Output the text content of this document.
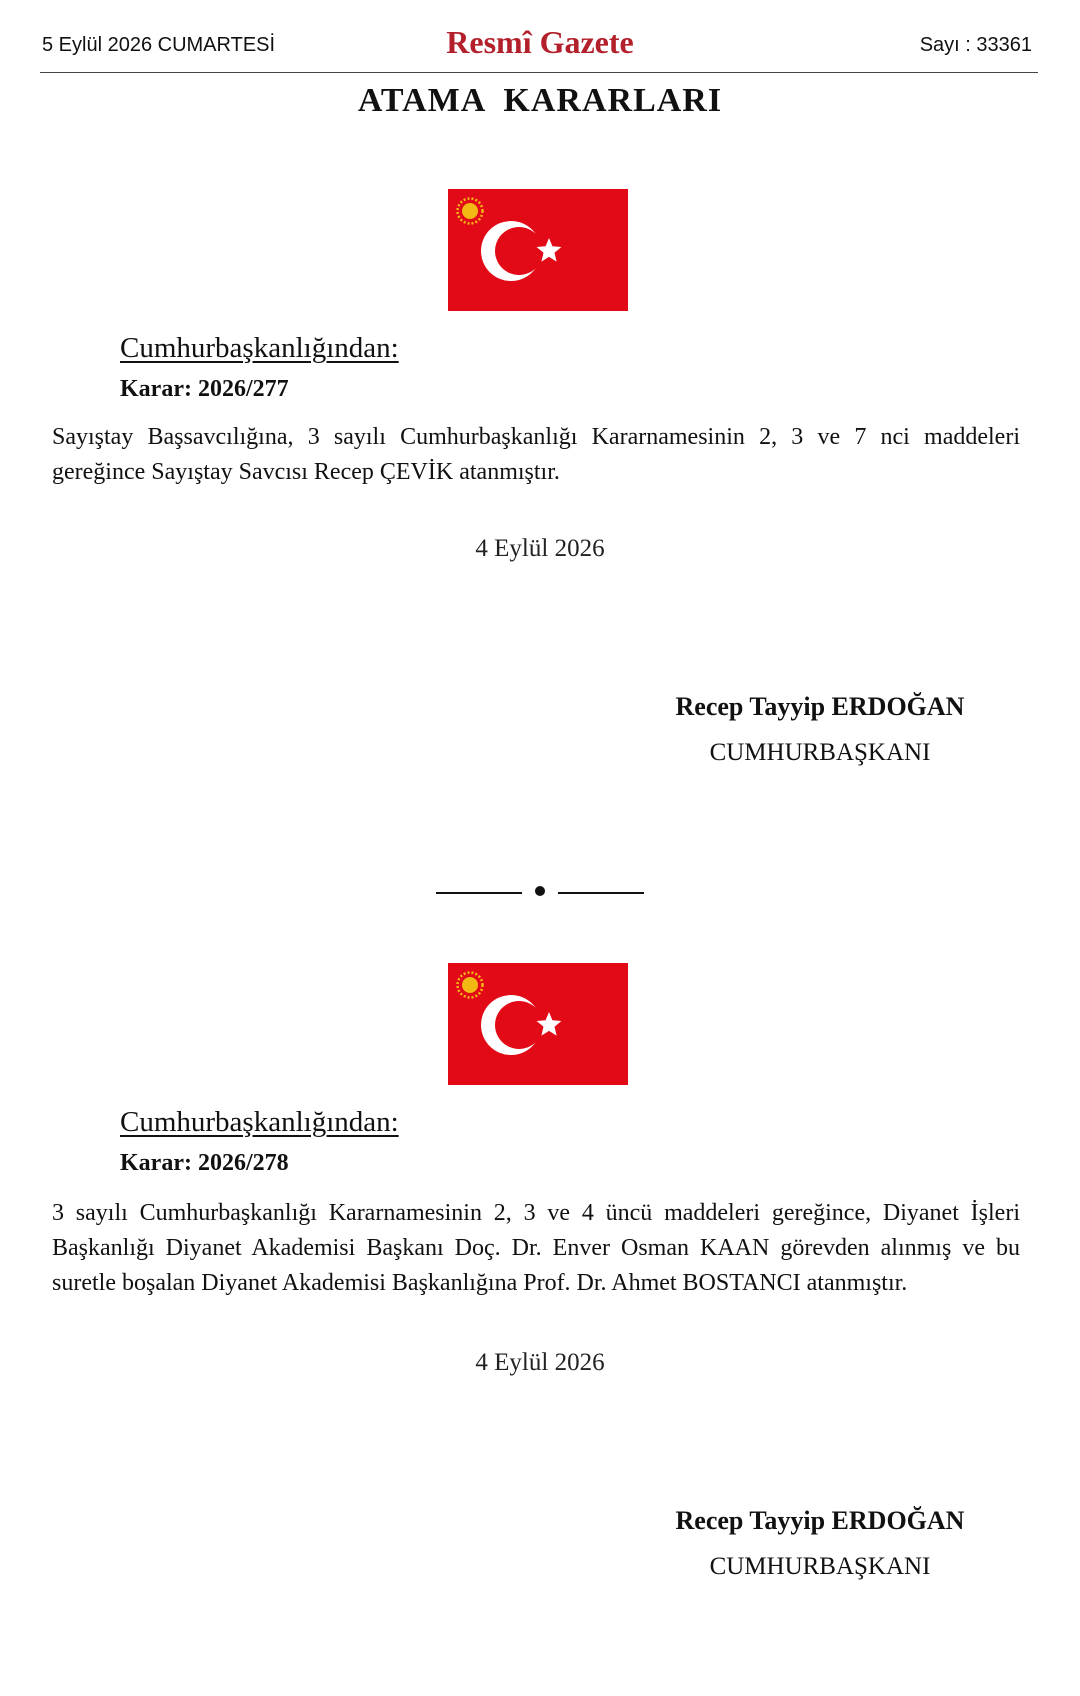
5 Eylül 2026 CUMARTESİ	Resmî Gazete	Sayı : 33361
ATAMA  KARARLARI
Cumhurbaşkanlığından:
Karar: 2026/277
Sayıştay Başsavcılığına, 3 sayılı Cumhurbaşkanlığı Kararnamesinin 2, 3 ve 7 nci maddeleri gereğince Sayıştay Savcısı Recep ÇEVİK atanmıştır.
4 Eylül 2026
Recep Tayyip ERDOĞAN
CUMHURBAŞKANI
Cumhurbaşkanlığından:
Karar: 2026/278
3 sayılı Cumhurbaşkanlığı Kararnamesinin 2, 3 ve 4 üncü maddeleri gereğince, Diyanet İşleri Başkanlığı Diyanet Akademisi Başkanı Doç. Dr. Enver Osman KAAN görevden alınmış ve bu suretle boşalan Diyanet Akademisi Başkanlığına Prof. Dr. Ahmet BOSTANCI atanmıştır.
4 Eylül 2026
Recep Tayyip ERDOĞAN
CUMHURBAŞKANI
